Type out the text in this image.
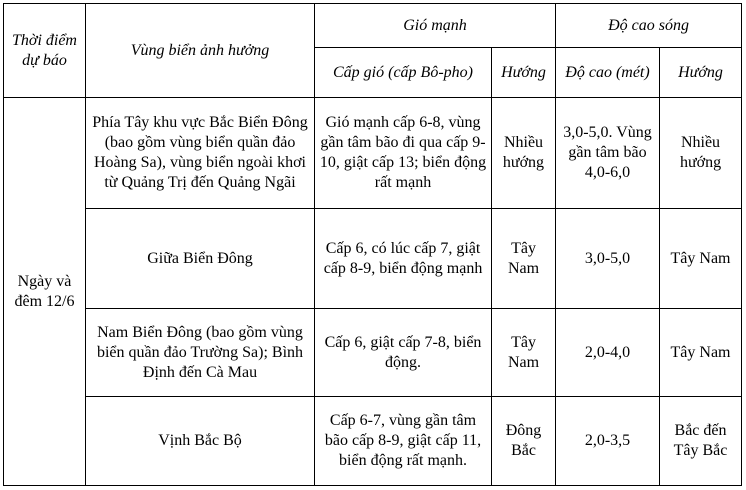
Thời điểm dự báo	Vùng biển ảnh hưởng	Gió mạnh		Độ cao sóng	
		Cấp gió (cấp Bô-pho)	Hướng	Độ cao (mét)	Hướng
Ngày và đêm 12/6	Phía Tây khu vực Bắc Biển Đông (bao gồm vùng biển quần đảo Hoàng Sa), vùng biển ngoài khơi từ Quảng Trị đến Quảng Ngãi	Gió mạnh cấp 6-8, vùng gần tâm bão đi qua cấp 9-10, giật cấp 13; biển động rất mạnh	Nhiều hướng	3,0-5,0. Vùng gần tâm bão 4,0-6,0	Nhiều hướng
	Giữa Biển Đông	Cấp 6, có lúc cấp 7, giật cấp 8-9, biển động mạnh	Tây Nam	3,0-5,0	Tây Nam
	Nam Biển Đông (bao gồm vùng biển quần đảo Trường Sa); Bình Định đến Cà Mau	Cấp 6, giật cấp 7-8, biển động.	Tây Nam	2,0-4,0	Tây Nam
	Vịnh Bắc Bộ	Cấp 6-7, vùng gần tâm bão cấp 8-9, giật cấp 11, biển động rất mạnh.	Đông Bắc	2,0-3,5	Bắc đến Tây Bắc
